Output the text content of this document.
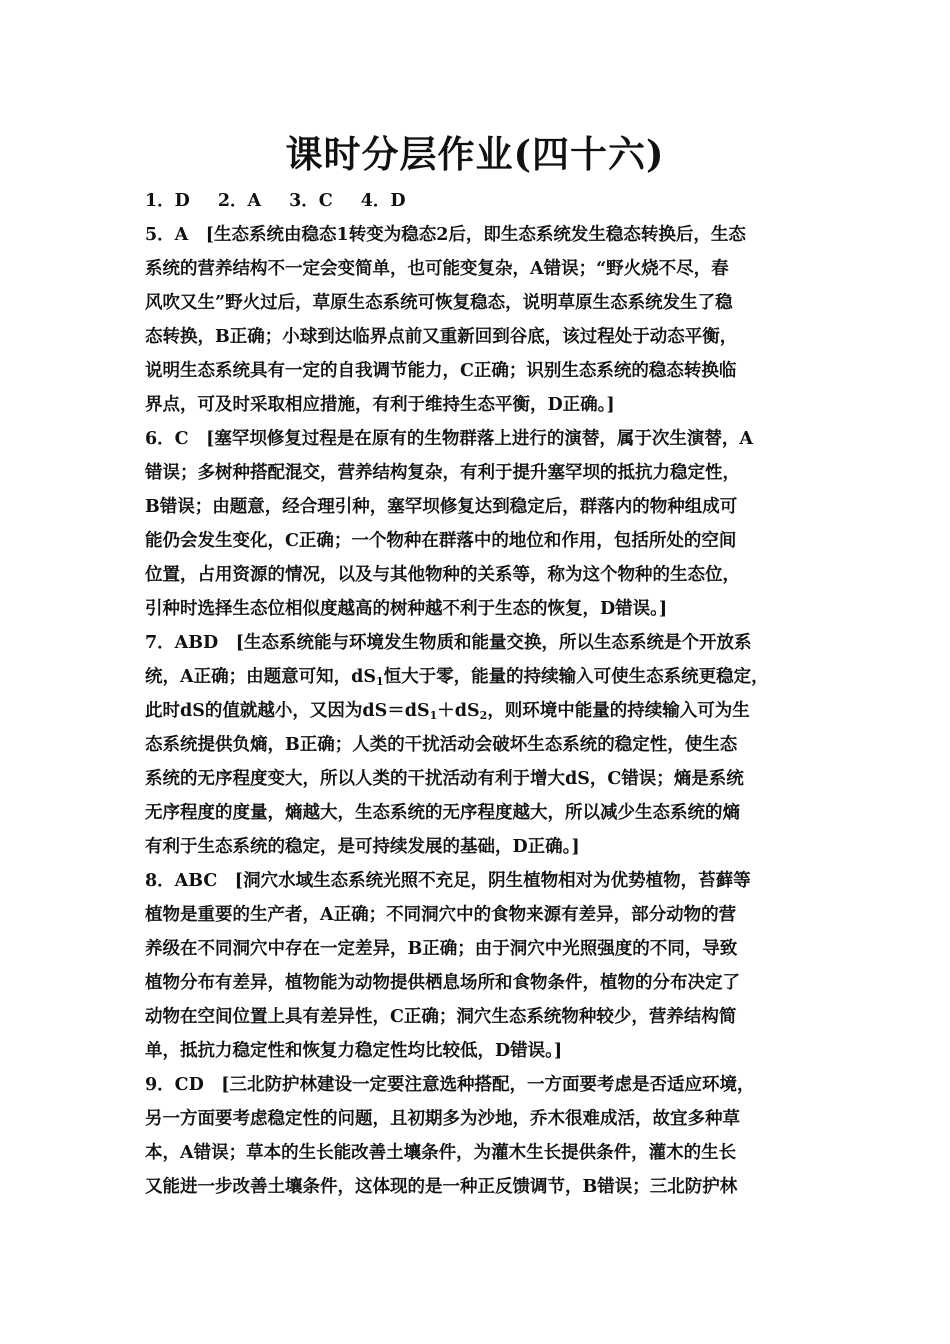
课时分层作业(四十六)
1．D 2．A 3．C 4．D
5．A　[生态系统由稳态1转变为稳态2后，即生态系统发生稳态转换后，生态
系统的营养结构不一定会变简单，也可能变复杂，A错误；“野火烧不尽，春
风吹又生”野火过后，草原生态系统可恢复稳态，说明草原生态系统发生了稳
态转换，B正确；小球到达临界点前又重新回到谷底，该过程处于动态平衡，
说明生态系统具有一定的自我调节能力，C正确；识别生态系统的稳态转换临
界点，可及时采取相应措施，有利于维持生态平衡，D正确。]
6．C　[塞罕坝修复过程是在原有的生物群落上进行的演替，属于次生演替，A
错误；多树种搭配混交，营养结构复杂，有利于提升塞罕坝的抵抗力稳定性，
B错误；由题意，经合理引种，塞罕坝修复达到稳定后，群落内的物种组成可
能仍会发生变化，C正确；一个物种在群落中的地位和作用，包括所处的空间
位置，占用资源的情况，以及与其他物种的关系等，称为这个物种的生态位，
引种时选择生态位相似度越高的树种越不利于生态的恢复，D错误。]
7．ABD　[生态系统能与环境发生物质和能量交换，所以生态系统是个开放系
统，A正确；由题意可知，$dS_1$恒大于零，能量的持续输入可使生态系统更稳定，
此时dS的值就越小，又因为$dS=dS_1+dS_2$，则环境中能量的持续输入可为生
态系统提供负熵，B正确；人类的干扰活动会破坏生态系统的稳定性，使生态
系统的无序程度变大，所以人类的干扰活动有利于增大dS，C错误；熵是系统
无序程度的度量，熵越大，生态系统的无序程度越大，所以减少生态系统的熵
有利于生态系统的稳定，是可持续发展的基础，D正确。]
8．ABC　[洞穴水域生态系统光照不充足，阴生植物相对为优势植物，苔藓等
植物是重要的生产者，A正确；不同洞穴中的食物来源有差异，部分动物的营
养级在不同洞穴中存在一定差异，B正确；由于洞穴中光照强度的不同，导致
植物分布有差异，植物能为动物提供栖息场所和食物条件，植物的分布决定了
动物在空间位置上具有差异性，C正确；洞穴生态系统物种较少，营养结构简
单，抵抗力稳定性和恢复力稳定性均比较低，D错误。]
9．CD　[三北防护林建设一定要注意选种搭配，一方面要考虑是否适应环境，
另一方面要考虑稳定性的问题，且初期多为沙地，乔木很难成活，故宜多种草
本，A错误；草本的生长能改善土壤条件，为灌木生长提供条件，灌木的生长
又能进一步改善土壤条件，这体现的是一种正反馈调节，B错误；三北防护林
